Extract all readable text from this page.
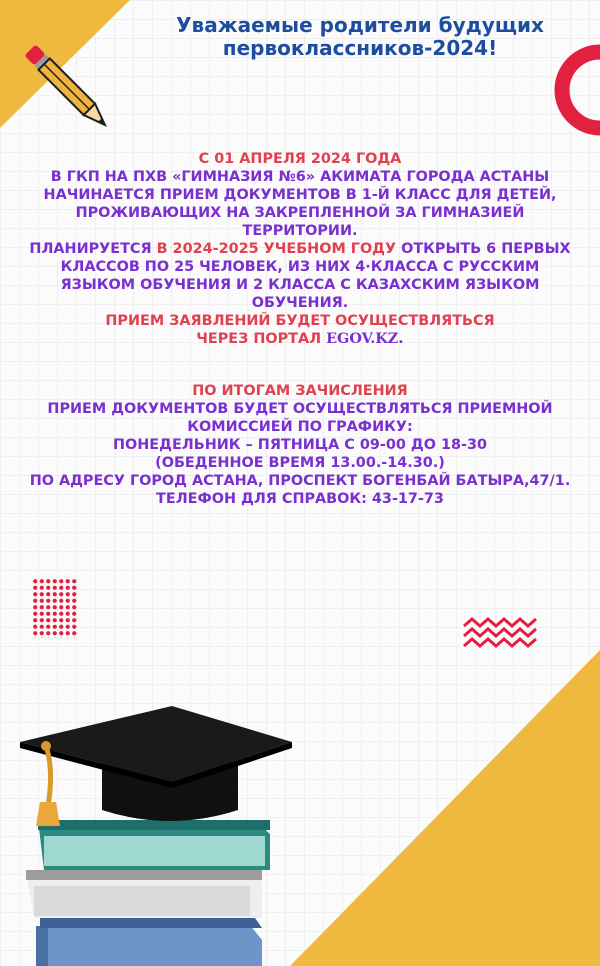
Уважаемые родители будущих
первоклассников-2024!
С 01 АПРЕЛЯ 2024 ГОДА
В ГКП НА ПХВ «ГИМНАЗИЯ №6» АКИМАТА ГОРОДА АСТАНЫ
НАЧИНАЕТСЯ ПРИЕМ ДОКУМЕНТОВ В 1-Й КЛАСС ДЛЯ ДЕТЕЙ,
ПРОЖИВАЮЩИХ НА ЗАКРЕПЛЕННОЙ ЗА ГИМНАЗИЕЙ
ТЕРРИТОРИИ.
ПЛАНИРУЕТСЯ В 2024-2025 УЧЕБНОМ ГОДУ ОТКРЫТЬ 6 ПЕРВЫХ
КЛАССОВ ПО 25 ЧЕЛОВЕК, ИЗ НИХ 4·КЛАССА С РУССКИМ
ЯЗЫКОМ ОБУЧЕНИЯ И 2 КЛАССА С КАЗАХСКИМ ЯЗЫКОМ
ОБУЧЕНИЯ.
ПРИЕМ ЗАЯВЛЕНИЙ БУДЕТ ОСУЩЕСТВЛЯТЬСЯ
ЧЕРЕЗ ПОРТАЛ EGOV.KZ.
ПО ИТОГАМ ЗАЧИСЛЕНИЯ
ПРИЕМ ДОКУМЕНТОВ БУДЕТ ОСУЩЕСТВЛЯТЬСЯ ПРИЕМНОЙ
КОМИССИЕЙ ПО ГРАФИКУ:
ПОНЕДЕЛЬНИК – ПЯТНИЦА С 09-00 ДО 18-30
(ОБЕДЕННОЕ ВРЕМЯ 13.00.-14.30.)
ПО АДРЕСУ ГОРОД АСТАНА, ПРОСПЕКТ БОГЕНБАЙ БАТЫРА,47/1.
ТЕЛЕФОН ДЛЯ СПРАВОК: 43-17-73
